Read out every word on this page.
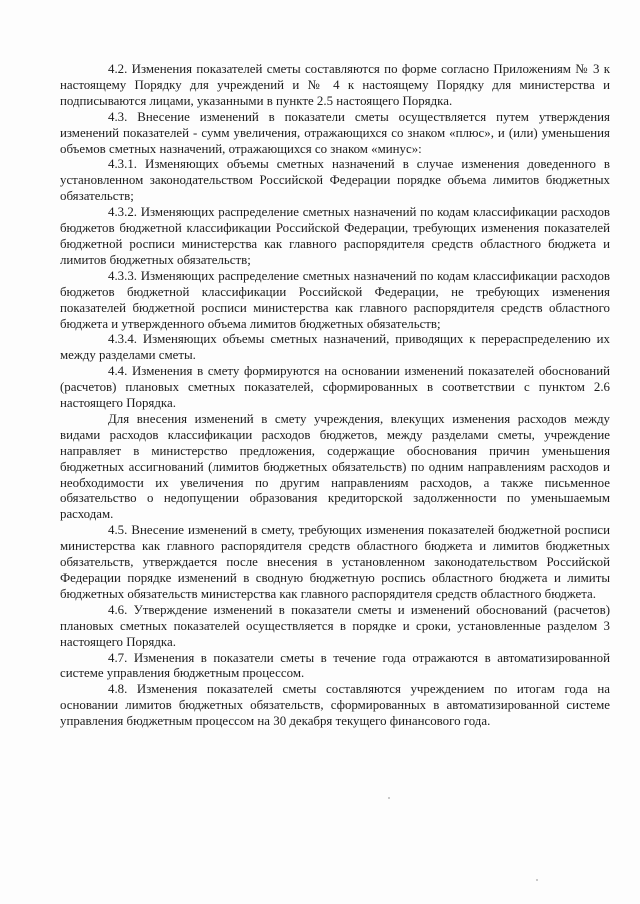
4.2. Изменения показателей сметы составляются по форме согласно Приложениям № 3 к настоящему Порядку для учреждений и № 4 к настоящему Порядку для министерства и подписываются лицами, указанными в пункте 2.5 настоящего Порядка.

4.3. Внесение изменений в показатели сметы осуществляется путем утверждения изменений показателей - сумм увеличения, отражающихся со знаком «плюс», и (или) уменьшения объемов сметных назначений, отражающихся со знаком «минус»:

4.3.1. Изменяющих объемы сметных назначений в случае изменения доведенного в установленном законодательством Российской Федерации порядке объема лимитов бюджетных обязательств;

4.3.2. Изменяющих распределение сметных назначений по кодам классификации расходов бюджетов бюджетной классификации Российской Федерации, требующих изменения показателей бюджетной росписи министерства как главного распорядителя средств областного бюджета и лимитов бюджетных обязательств;

4.3.3. Изменяющих распределение сметных назначений по кодам классификации расходов бюджетов бюджетной классификации Российской Федерации, не требующих изменения показателей бюджетной росписи министерства как главного распорядителя средств областного бюджета и утвержденного объема лимитов бюджетных обязательств;

4.3.4. Изменяющих объемы сметных назначений, приводящих к перераспределению их между разделами сметы.

4.4. Изменения в смету формируются на основании изменений показателей обоснований (расчетов) плановых сметных показателей, сформированных в соответствии с пунктом 2.6 настоящего Порядка.

Для внесения изменений в смету учреждения, влекущих изменения расходов между видами расходов классификации расходов бюджетов, между разделами сметы, учреждение направляет в министерство предложения, содержащие обоснования причин уменьшения бюджетных ассигнований (лимитов бюджетных обязательств) по одним направлениям расходов и необходимости их увеличения по другим направлениям расходов, а также письменное обязательство о недопущении образования кредиторской задолженности по уменьшаемым расходам.

4.5. Внесение изменений в смету, требующих изменения показателей бюджетной росписи министерства как главного распорядителя средств областного бюджета и лимитов бюджетных обязательств, утверждается после внесения в установленном законодательством Российской Федерации порядке изменений в сводную бюджетную роспись областного бюджета и лимиты бюджетных обязательств министерства как главного распорядителя средств областного бюджета.

4.6. Утверждение изменений в показатели сметы и изменений обоснований (расчетов) плановых сметных показателей осуществляется в порядке и сроки, установленные разделом 3 настоящего Порядка.

4.7. Изменения в показатели сметы в течение года отражаются в автоматизированной системе управления бюджетным процессом.

4.8. Изменения показателей сметы составляются учреждением по итогам года на основании лимитов бюджетных обязательств, сформированных в автоматизированной системе управления бюджетным процессом на 30 декабря текущего финансового года.
